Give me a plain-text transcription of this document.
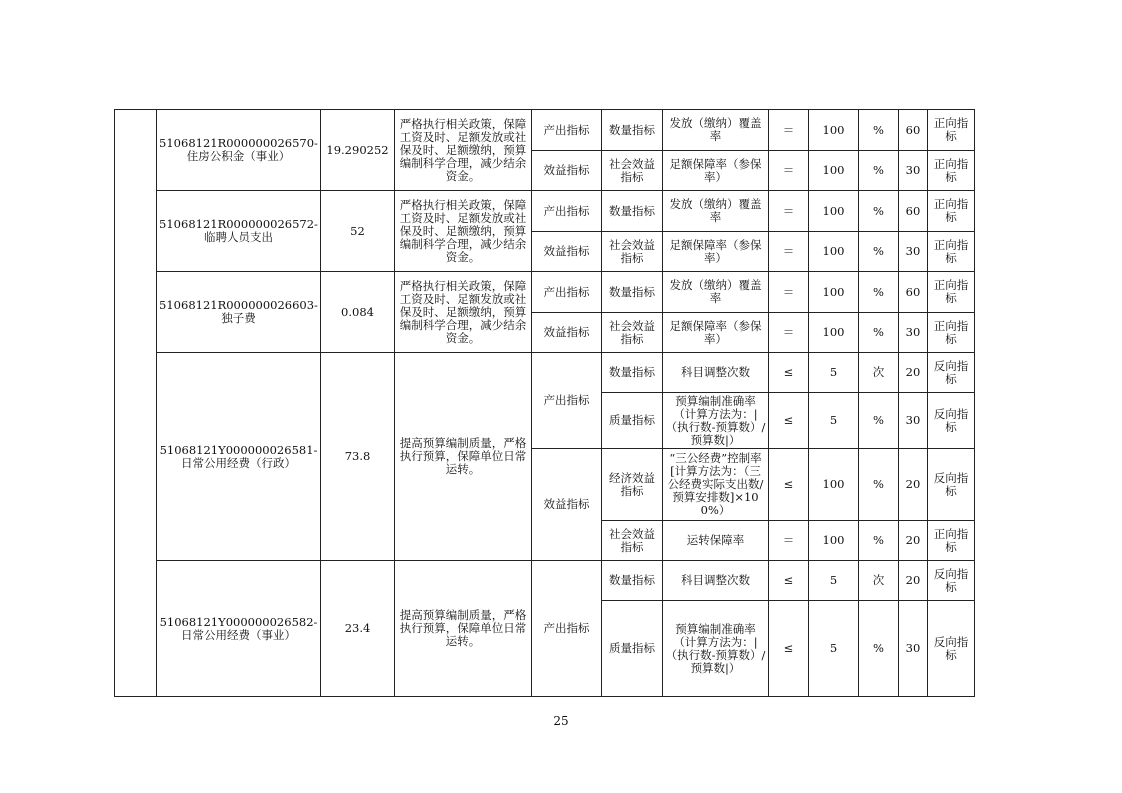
	51068121R000000026570-住房公积金（事业）	19.290252	严格执行相关政策，保障工资及时、足额发放或社保及时、足额缴纳，预算编制科学合理，减少结余资金。	产出指标	数量指标	发放（缴纳）覆盖率	＝	100	%	60	正向指标
				效益指标	社会效益指标	足额保障率（参保率）	＝	100	%	30	正向指标
	51068121R000000026572-临聘人员支出	52	严格执行相关政策，保障工资及时、足额发放或社保及时、足额缴纳，预算编制科学合理，减少结余资金。	产出指标	数量指标	发放（缴纳）覆盖率	＝	100	%	60	正向指标
				效益指标	社会效益指标	足额保障率（参保率）	＝	100	%	30	正向指标
	51068121R000000026603-独子费	0.084	严格执行相关政策，保障工资及时、足额发放或社保及时、足额缴纳，预算编制科学合理，减少结余资金。	产出指标	数量指标	发放（缴纳）覆盖率	＝	100	%	60	正向指标
				效益指标	社会效益指标	足额保障率（参保率）	＝	100	%	30	正向指标
	51068121Y000000026581-日常公用经费（行政）	73.8	提高预算编制质量，严格执行预算，保障单位日常运转。	产出指标	数量指标	科目调整次数	≤	5	次	20	反向指标
					质量指标	预算编制准确率（计算方法为：|（执行数-预算数）/预算数|）	≤	5	%	30	反向指标
				效益指标	经济效益指标	“三公经费”控制率[计算方法为：（三公经费实际支出数/预算安排数]×100%）	≤	100	%	20	反向指标
					社会效益指标	运转保障率	＝	100	%	20	正向指标
	51068121Y000000026582-日常公用经费（事业）	23.4	提高预算编制质量，严格执行预算，保障单位日常运转。	产出指标	数量指标	科目调整次数	≤	5	次	20	反向指标
					质量指标	预算编制准确率（计算方法为：|（执行数-预算数）/预算数|）	≤	5	%	30	反向指标
25
